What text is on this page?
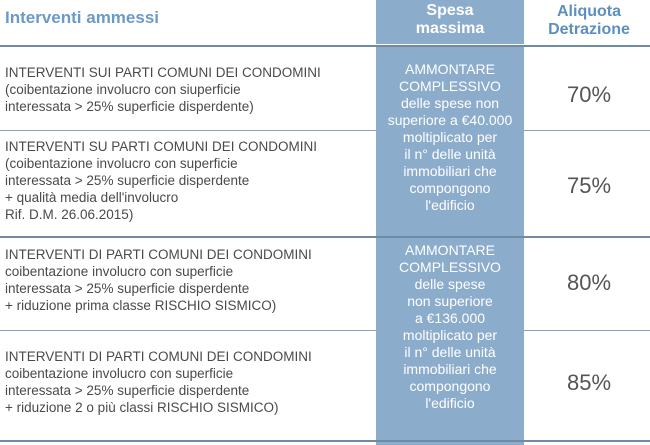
Interventi ammessi	Spesa
massima
Aliquota
Detrazione
INTERVENTI SUI PARTI COMUNI DEI CONDOMINI
(coibentazione involucro con siuperficie
interessata > 25% superficie disperdente)	70%
INTERVENTI SU PARTI COMUNI DEI CONDOMINI
(coibentazione involucro con superficie
interessata > 25% superficie disperdente
+ qualità media dell'involucro
Rif. D.M. 26.06.2015)
75%
AMMONTARE
COMPLESSIVO
delle spese non
superiore a €40.000
moltiplicato per
il n° delle unità
immobiliari che
compongono
l'edificio
INTERVENTI DI PARTI COMUNI DEI CONDOMINI
coibentazione involucro con superficie
interessata > 25% superficie disperdente
+ riduzione prima classe RISCHIO SISMICO)
80%
INTERVENTI DI PARTI COMUNI DEI CONDOMINI
coibentazione involucro con superficie
interessata > 25% superficie disperdente
+ riduzione 2 o più classi RISCHIO SISMICO)
85%
AMMONTARE
COMPLESSIVO
delle spese
non superiore
a €136.000
moltiplicato per
il n° delle unità
immobiliari che
compongono
l'edificio
